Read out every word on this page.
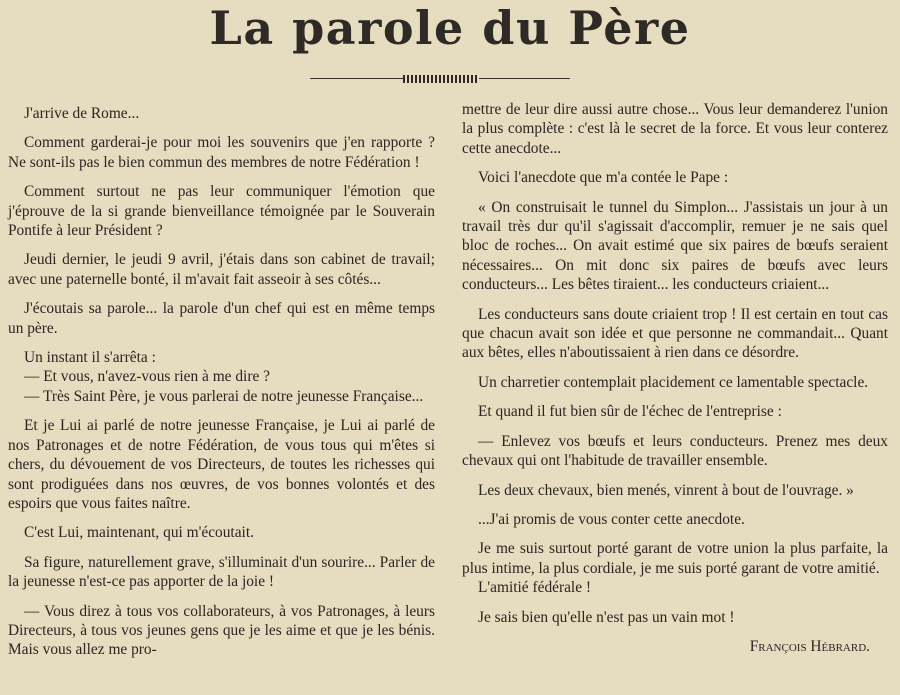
La parole du Père

J'arrive de Rome...

Comment garderai-je pour moi les souvenirs que j'en rapporte ? Ne sont-ils pas le bien commun des membres de notre Fédération !

Comment surtout ne pas leur communiquer l'émotion que j'éprouve de la si grande bienveillance témoignée par le Souverain Pontife à leur Président ?

Jeudi dernier, le jeudi 9 avril, j'étais dans son cabinet de travail; avec une paternelle bonté, il m'avait fait asseoir à ses côtés...

J'écoutais sa parole... la parole d'un chef qui est en même temps un père.

Un instant il s'arrêta :

— Et vous, n'avez-vous rien à me dire ?

— Très Saint Père, je vous parlerai de notre jeunesse Française...

Et je Lui ai parlé de notre jeunesse Française, je Lui ai parlé de nos Patronages et de notre Fédération, de vous tous qui m'êtes si chers, du dévouement de vos Directeurs, de toutes les richesses qui sont prodiguées dans nos œuvres, de vos bonnes volontés et des espoirs que vous faites naître.

C'est Lui, maintenant, qui m'écoutait.

Sa figure, naturellement grave, s'illuminait d'un sourire... Parler de la jeunesse n'est-ce pas apporter de la joie !

— Vous direz à tous vos collaborateurs, à vos Patronages, à leurs Directeurs, à tous vos jeunes gens que je les aime et que je les bénis. Mais vous allez me pro-

mettre de leur dire aussi autre chose... Vous leur demanderez l'union la plus complète : c'est là le secret de la force. Et vous leur conterez cette anecdote...

Voici l'anecdote que m'a contée le Pape :

« On construisait le tunnel du Simplon... J'assistais un jour à un travail très dur qu'il s'agissait d'accomplir, remuer je ne sais quel bloc de roches... On avait estimé que six paires de bœufs seraient nécessaires... On mit donc six paires de bœufs avec leurs conducteurs... Les bêtes tiraient... les conducteurs criaient...

Les conducteurs sans doute criaient trop ! Il est certain en tout cas que chacun avait son idée et que personne ne commandait... Quant aux bêtes, elles n'aboutissaient à rien dans ce désordre.

Un charretier contemplait placidement ce lamentable spectacle.

Et quand il fut bien sûr de l'échec de l'entreprise :

— Enlevez vos bœufs et leurs conducteurs. Prenez mes deux chevaux qui ont l'habitude de travailler ensemble.

Les deux chevaux, bien menés, vinrent à bout de l'ouvrage. »

...J'ai promis de vous conter cette anecdote.

Je me suis surtout porté garant de votre union la plus parfaite, la plus intime, la plus cordiale, je me suis porté garant de votre amitié.

L'amitié fédérale !

Je sais bien qu'elle n'est pas un vain mot !

François Hébrard.
